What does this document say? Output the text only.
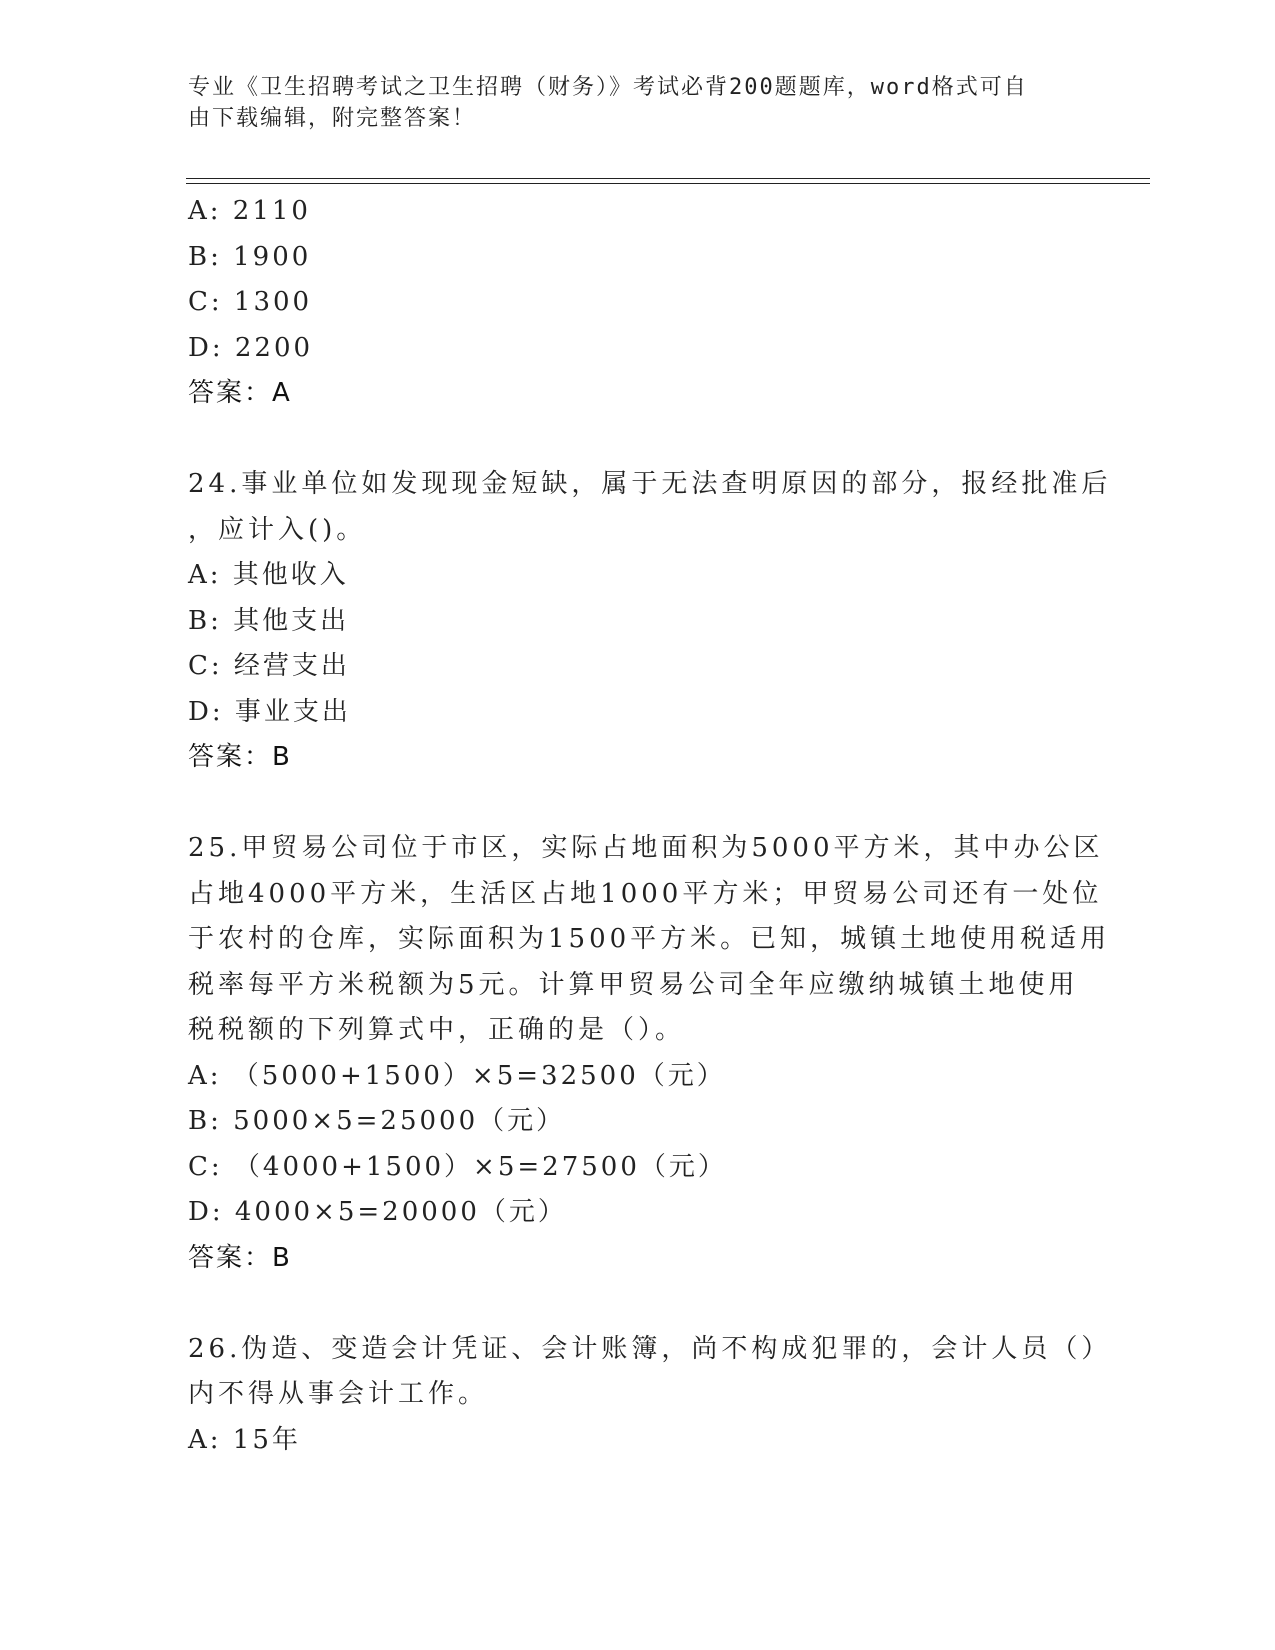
专业《卫生招聘考试之卫生招聘（财务）》考试必背200题题库，word格式可自
由下载编辑，附完整答案！
A: 2110
B: 1900
C: 1300
D: 2200
答案：A
24.事业单位如发现现金短缺，属于无法查明原因的部分，报经批准后
，应计入()。
A: 其他收入
B: 其他支出
C: 经营支出
D: 事业支出
答案：B
25.甲贸易公司位于市区，实际占地面积为5000平方米，其中办公区
占地4000平方米，生活区占地1000平方米；甲贸易公司还有一处位
于农村的仓库，实际面积为1500平方米。已知，城镇土地使用税适用
税率每平方米税额为5元。计算甲贸易公司全年应缴纳城镇土地使用
税税额的下列算式中，正确的是（）。
A: （5000+1500）×5=32500（元）
B: 5000×5=25000（元）
C: （4000+1500）×5=27500（元）
D: 4000×5=20000（元）
答案：B
26.伪造、变造会计凭证、会计账簿，尚不构成犯罪的，会计人员（）
内不得从事会计工作。
A: 15年
